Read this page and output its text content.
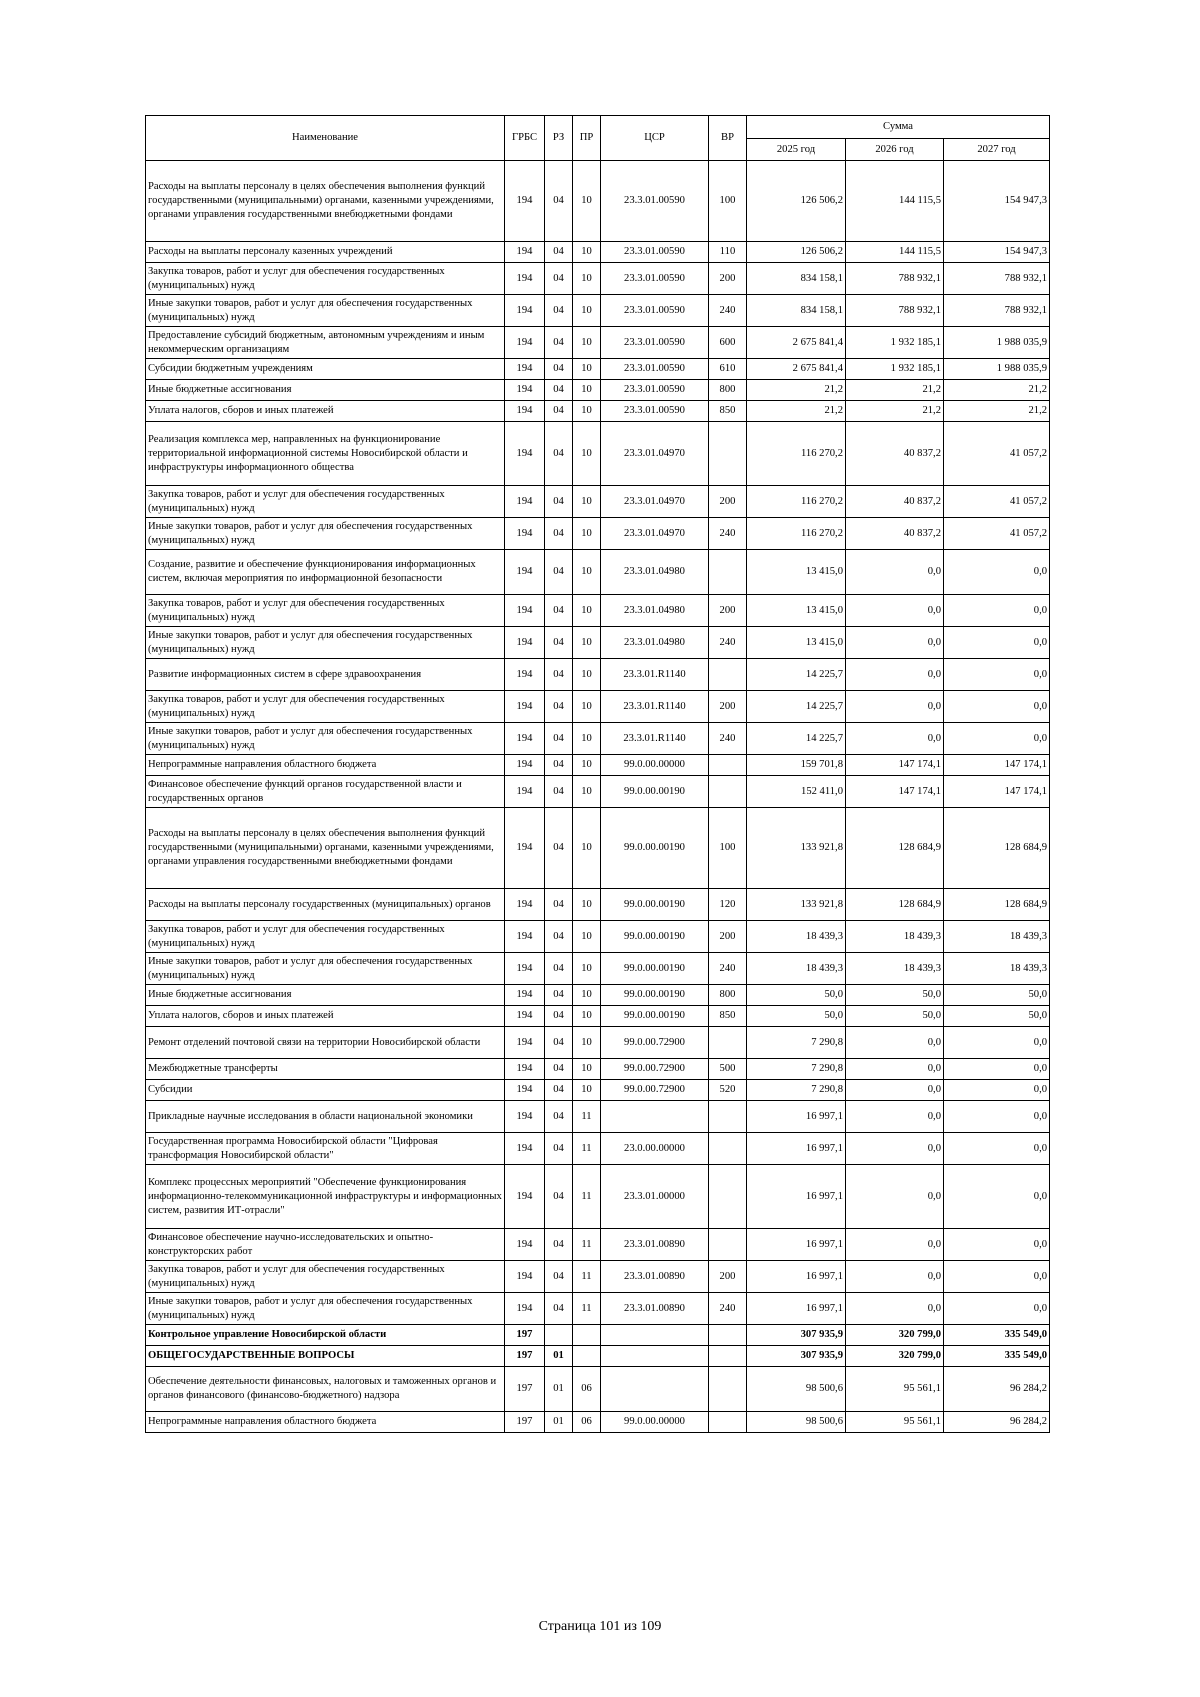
Наименование	ГРБС	РЗ	ПР	ЦСР	ВР	Сумма		
						2025 год	2026 год	2027 год
Расходы на выплаты персоналу в целях обеспечения выполнения функций государственными (муниципальными) органами, казенными учреждениями, органами управления государственными внебюджетными фондами	194	04	10	23.3.01.00590	100	126 506,2	144 115,5	154 947,3
Расходы на выплаты персоналу казенных учреждений	194	04	10	23.3.01.00590	110	126 506,2	144 115,5	154 947,3
Закупка товаров, работ и услуг для обеспечения государственных (муниципальных) нужд	194	04	10	23.3.01.00590	200	834 158,1	788 932,1	788 932,1
Иные закупки товаров, работ и услуг для обеспечения государственных (муниципальных) нужд	194	04	10	23.3.01.00590	240	834 158,1	788 932,1	788 932,1
Предоставление субсидий бюджетным, автономным учреждениям и иным некоммерческим организациям	194	04	10	23.3.01.00590	600	2 675 841,4	1 932 185,1	1 988 035,9
Субсидии бюджетным учреждениям	194	04	10	23.3.01.00590	610	2 675 841,4	1 932 185,1	1 988 035,9
Иные бюджетные ассигнования	194	04	10	23.3.01.00590	800	21,2	21,2	21,2
Уплата налогов, сборов и иных платежей	194	04	10	23.3.01.00590	850	21,2	21,2	21,2
Реализация комплекса мер, направленных на функционирование территориальной информационной системы Новосибирской области и инфраструктуры информационного общества	194	04	10	23.3.01.04970		116 270,2	40 837,2	41 057,2
Закупка товаров, работ и услуг для обеспечения государственных (муниципальных) нужд	194	04	10	23.3.01.04970	200	116 270,2	40 837,2	41 057,2
Иные закупки товаров, работ и услуг для обеспечения государственных (муниципальных) нужд	194	04	10	23.3.01.04970	240	116 270,2	40 837,2	41 057,2
Создание, развитие и обеспечение функционирования информационных систем, включая мероприятия по информационной безопасности	194	04	10	23.3.01.04980		13 415,0	0,0	0,0
Закупка товаров, работ и услуг для обеспечения государственных (муниципальных) нужд	194	04	10	23.3.01.04980	200	13 415,0	0,0	0,0
Иные закупки товаров, работ и услуг для обеспечения государственных (муниципальных) нужд	194	04	10	23.3.01.04980	240	13 415,0	0,0	0,0
Развитие информационных систем в сфере здравоохранения	194	04	10	23.3.01.R1140		14 225,7	0,0	0,0
Закупка товаров, работ и услуг для обеспечения государственных (муниципальных) нужд	194	04	10	23.3.01.R1140	200	14 225,7	0,0	0,0
Иные закупки товаров, работ и услуг для обеспечения государственных (муниципальных) нужд	194	04	10	23.3.01.R1140	240	14 225,7	0,0	0,0
Непрограммные направления областного бюджета	194	04	10	99.0.00.00000		159 701,8	147 174,1	147 174,1
Финансовое обеспечение функций органов государственной власти и государственных органов	194	04	10	99.0.00.00190		152 411,0	147 174,1	147 174,1
Расходы на выплаты персоналу в целях обеспечения выполнения функций государственными (муниципальными) органами, казенными учреждениями, органами управления государственными внебюджетными фондами	194	04	10	99.0.00.00190	100	133 921,8	128 684,9	128 684,9
Расходы на выплаты персоналу государственных (муниципальных) органов	194	04	10	99.0.00.00190	120	133 921,8	128 684,9	128 684,9
Закупка товаров, работ и услуг для обеспечения государственных (муниципальных) нужд	194	04	10	99.0.00.00190	200	18 439,3	18 439,3	18 439,3
Иные закупки товаров, работ и услуг для обеспечения государственных (муниципальных) нужд	194	04	10	99.0.00.00190	240	18 439,3	18 439,3	18 439,3
Иные бюджетные ассигнования	194	04	10	99.0.00.00190	800	50,0	50,0	50,0
Уплата налогов, сборов и иных платежей	194	04	10	99.0.00.00190	850	50,0	50,0	50,0
Ремонт отделений почтовой связи на территории Новосибирской области	194	04	10	99.0.00.72900		7 290,8	0,0	0,0
Межбюджетные трансферты	194	04	10	99.0.00.72900	500	7 290,8	0,0	0,0
Субсидии	194	04	10	99.0.00.72900	520	7 290,8	0,0	0,0
Прикладные научные исследования в области национальной экономики	194	04	11			16 997,1	0,0	0,0
Государственная программа Новосибирской области "Цифровая трансформация Новосибирской области"	194	04	11	23.0.00.00000		16 997,1	0,0	0,0
Комплекс процессных мероприятий "Обеспечение функционирования информационно-телекоммуникационной инфраструктуры и информационных систем, развития ИТ-отрасли"	194	04	11	23.3.01.00000		16 997,1	0,0	0,0
Финансовое обеспечение научно-исследовательских и опытно-конструкторских работ	194	04	11	23.3.01.00890		16 997,1	0,0	0,0
Закупка товаров, работ и услуг для обеспечения государственных (муниципальных) нужд	194	04	11	23.3.01.00890	200	16 997,1	0,0	0,0
Иные закупки товаров, работ и услуг для обеспечения государственных (муниципальных) нужд	194	04	11	23.3.01.00890	240	16 997,1	0,0	0,0
Контрольное управление Новосибирской области	197					307 935,9	320 799,0	335 549,0
ОБЩЕГОСУДАРСТВЕННЫЕ ВОПРОСЫ	197	01				307 935,9	320 799,0	335 549,0
Обеспечение деятельности финансовых, налоговых и таможенных органов и органов финансового (финансово-бюджетного) надзора	197	01	06			98 500,6	95 561,1	96 284,2
Непрограммные направления областного бюджета	197	01	06	99.0.00.00000		98 500,6	95 561,1	96 284,2
Страница 101 из 109
